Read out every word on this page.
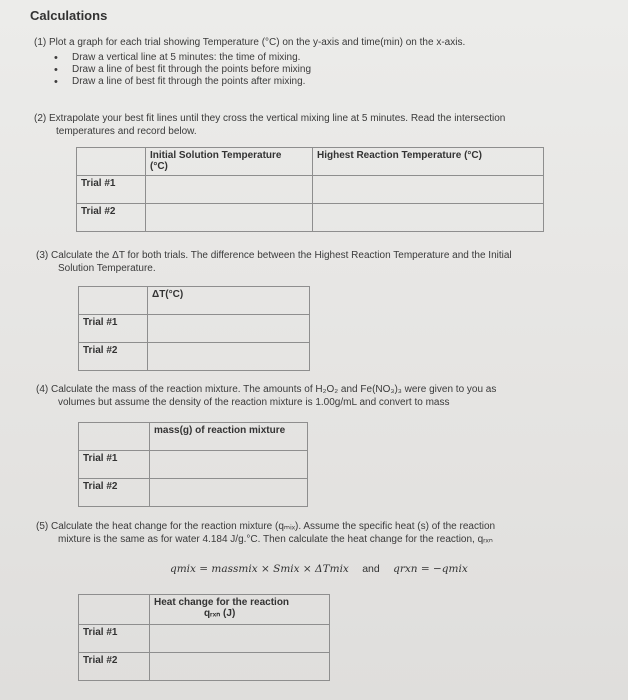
Calculations
(1) Plot a graph for each trial showing Temperature (°C) on the y-axis and time(min) on the x-axis.
• Draw a vertical line at 5 minutes: the time of mixing.
• Draw a line of best fit through the points before mixing
• Draw a line of best fit through the points after mixing.
(2) Extrapolate your best fit lines until they cross the vertical mixing line at 5 minutes. Read the intersection
temperatures and record below.
	Initial Solution Temperature
(°C)	Highest Reaction Temperature (°C)
Trial #1		
Trial #2		
(3) Calculate the ΔT for both trials. The difference between the Highest Reaction Temperature and the Initial
Solution Temperature.
	ΔT(°C)
Trial #1	
Trial #2	
(4) Calculate the mass of the reaction mixture. The amounts of H₂O₂ and Fe(NO₃)₃ were given to you as
volumes but assume the density of the reaction mixture is 1.00g/mL and convert to mass
	mass(g) of reaction mixture
Trial #1	
Trial #2	
(5) Calculate the heat change for the reaction mixture (qₘᵢₓ). Assume the specific heat (s) of the reaction
mixture is the same as for water 4.184 J/g.°C. Then calculate the heat change for the reaction, qᵣₓₙ
qmix = massmix × Smix × ΔTmix and qrxn = −qmix
	Heat change for the reaction
qᵣₓₙ (J)
Trial #1	
Trial #2	
